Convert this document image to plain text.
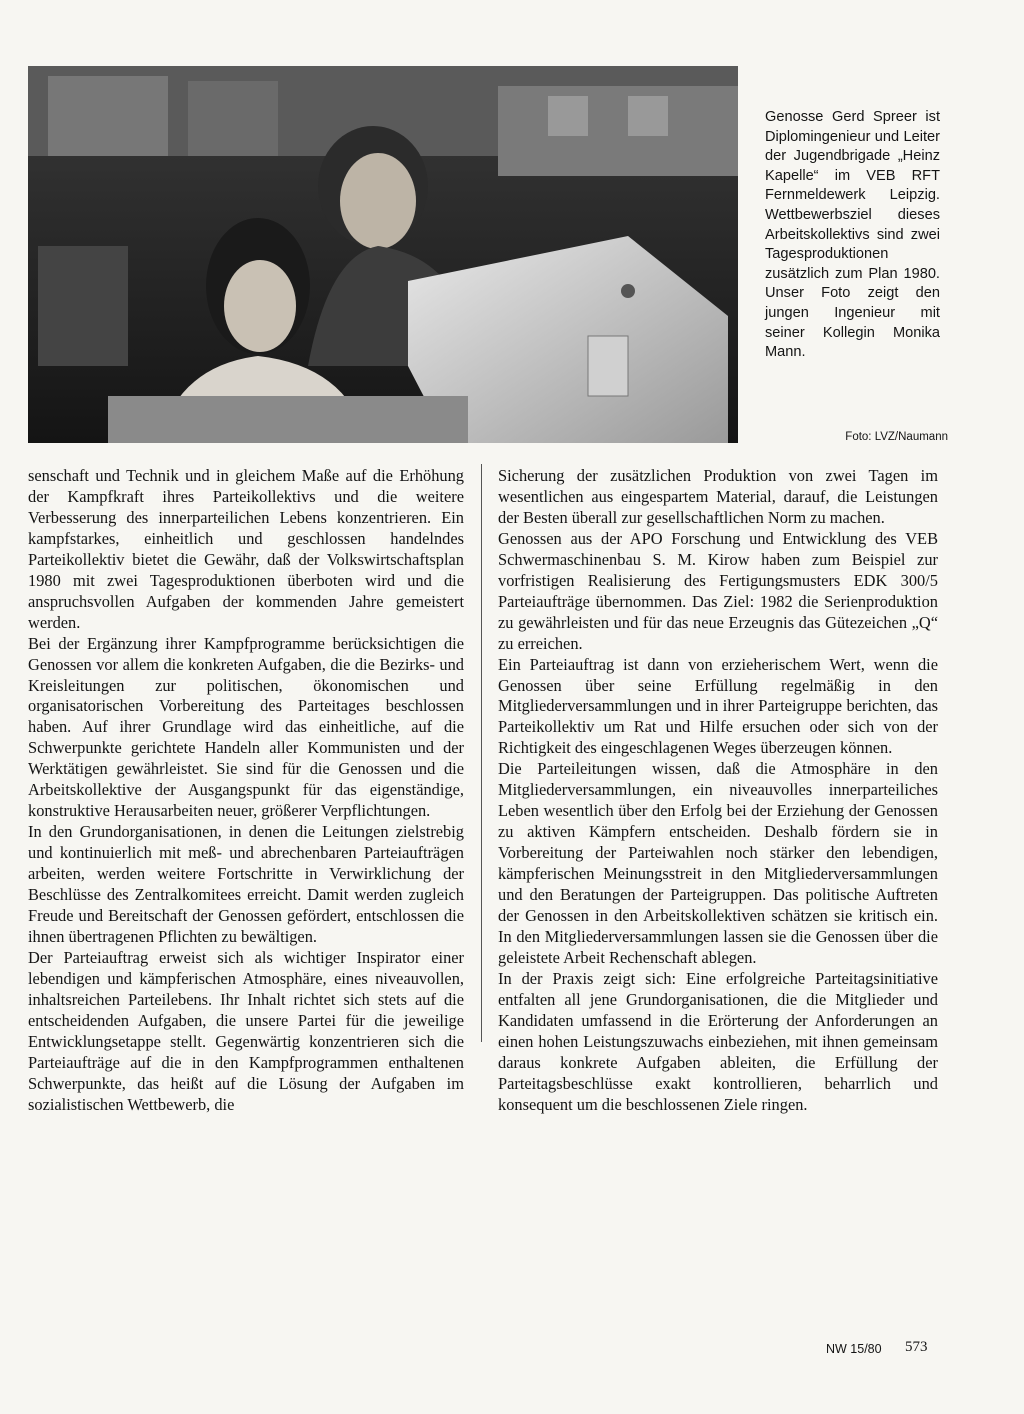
Genosse Gerd Spreer ist Diplomingenieur und Leiter der Jugendbrigade „Heinz Kapelle“ im VEB RFT Fernmeldewerk Leipzig. Wettbewerbsziel dieses Arbeitskollektivs sind zwei Tagesproduktionen zusätzlich zum Plan 1980. Unser Foto zeigt den jungen Ingenieur mit seiner Kollegin Monika Mann.
Foto: LVZ/Naumann

senschaft und Technik und in gleichem Maße auf die Erhöhung der Kampfkraft ihres Parteikollektivs und die weitere Verbesserung des innerparteilichen Lebens konzentrieren. Ein kampfstarkes, einheitlich und geschlossen handelndes Parteikollektiv bietet die Gewähr, daß der Volkswirtschaftsplan 1980 mit zwei Tagesproduktionen überboten wird und die anspruchsvollen Aufgaben der kommenden Jahre gemeistert werden.

Bei der Ergänzung ihrer Kampfprogramme berücksichtigen die Genossen vor allem die konkreten Aufgaben, die die Bezirks- und Kreisleitungen zur politischen, ökonomischen und organisatorischen Vorbereitung des Parteitages beschlossen haben. Auf ihrer Grundlage wird das einheitliche, auf die Schwerpunkte gerichtete Handeln aller Kommunisten und der Werktätigen gewährleistet. Sie sind für die Genossen und die Arbeitskollektive der Ausgangspunkt für das eigenständige, konstruktive Herausarbeiten neuer, größerer Verpflichtungen.

In den Grundorganisationen, in denen die Leitungen zielstrebig und kontinuierlich mit meß- und abrechenbaren Parteiaufträgen arbeiten, werden weitere Fortschritte in Verwirklichung der Beschlüsse des Zentralkomitees erreicht. Damit werden zugleich Freude und Bereitschaft der Genossen gefördert, entschlossen die ihnen übertragenen Pflichten zu bewältigen.

Der Parteiauftrag erweist sich als wichtiger Inspirator einer lebendigen und kämpferischen Atmosphäre, eines niveauvollen, inhaltsreichen Parteilebens. Ihr Inhalt richtet sich stets auf die entscheidenden Aufgaben, die unsere Partei für die jeweilige Entwicklungsetappe stellt. Gegenwärtig konzentrieren sich die Parteiaufträge auf die in den Kampfprogrammen enthaltenen Schwerpunkte, das heißt auf die Lösung der Aufgaben im sozialistischen Wettbewerb, die

Sicherung der zusätzlichen Produktion von zwei Tagen im wesentlichen aus eingespartem Material, darauf, die Leistungen der Besten überall zur gesellschaftlichen Norm zu machen.

Genossen aus der APO Forschung und Entwicklung des VEB Schwermaschinenbau S. M. Kirow haben zum Beispiel zur vorfristigen Realisierung des Fertigungsmusters EDK 300/5 Parteiaufträge übernommen. Das Ziel: 1982 die Serienproduktion zu gewährleisten und für das neue Erzeugnis das Gütezeichen „Q“ zu erreichen.

Ein Parteiauftrag ist dann von erzieherischem Wert, wenn die Genossen über seine Erfüllung regelmäßig in den Mitgliederversammlungen und in ihrer Parteigruppe berichten, das Parteikollektiv um Rat und Hilfe ersuchen oder sich von der Richtigkeit des eingeschlagenen Weges überzeugen können.

Die Parteileitungen wissen, daß die Atmosphäre in den Mitgliederversammlungen, ein niveauvolles innerparteiliches Leben wesentlich über den Erfolg bei der Erziehung der Genossen zu aktiven Kämpfern entscheiden. Deshalb fördern sie in Vorbereitung der Parteiwahlen noch stärker den lebendigen, kämpferischen Meinungsstreit in den Mitgliederversammlungen und den Beratungen der Parteigruppen. Das politische Auftreten der Genossen in den Arbeitskollektiven schätzen sie kritisch ein. In den Mitgliederversammlungen lassen sie die Genossen über die geleistete Arbeit Rechenschaft ablegen.

In der Praxis zeigt sich: Eine erfolgreiche Parteitagsinitiative entfalten all jene Grundorganisationen, die die Mitglieder und Kandidaten umfassend in die Erörterung der Anforderungen an einen hohen Leistungszuwachs einbeziehen, mit ihnen gemeinsam daraus konkrete Aufgaben ableiten, die Erfüllung der Parteitagsbeschlüsse exakt kontrollieren, beharrlich und konsequent um die beschlossenen Ziele ringen.

NW 15/80 573
